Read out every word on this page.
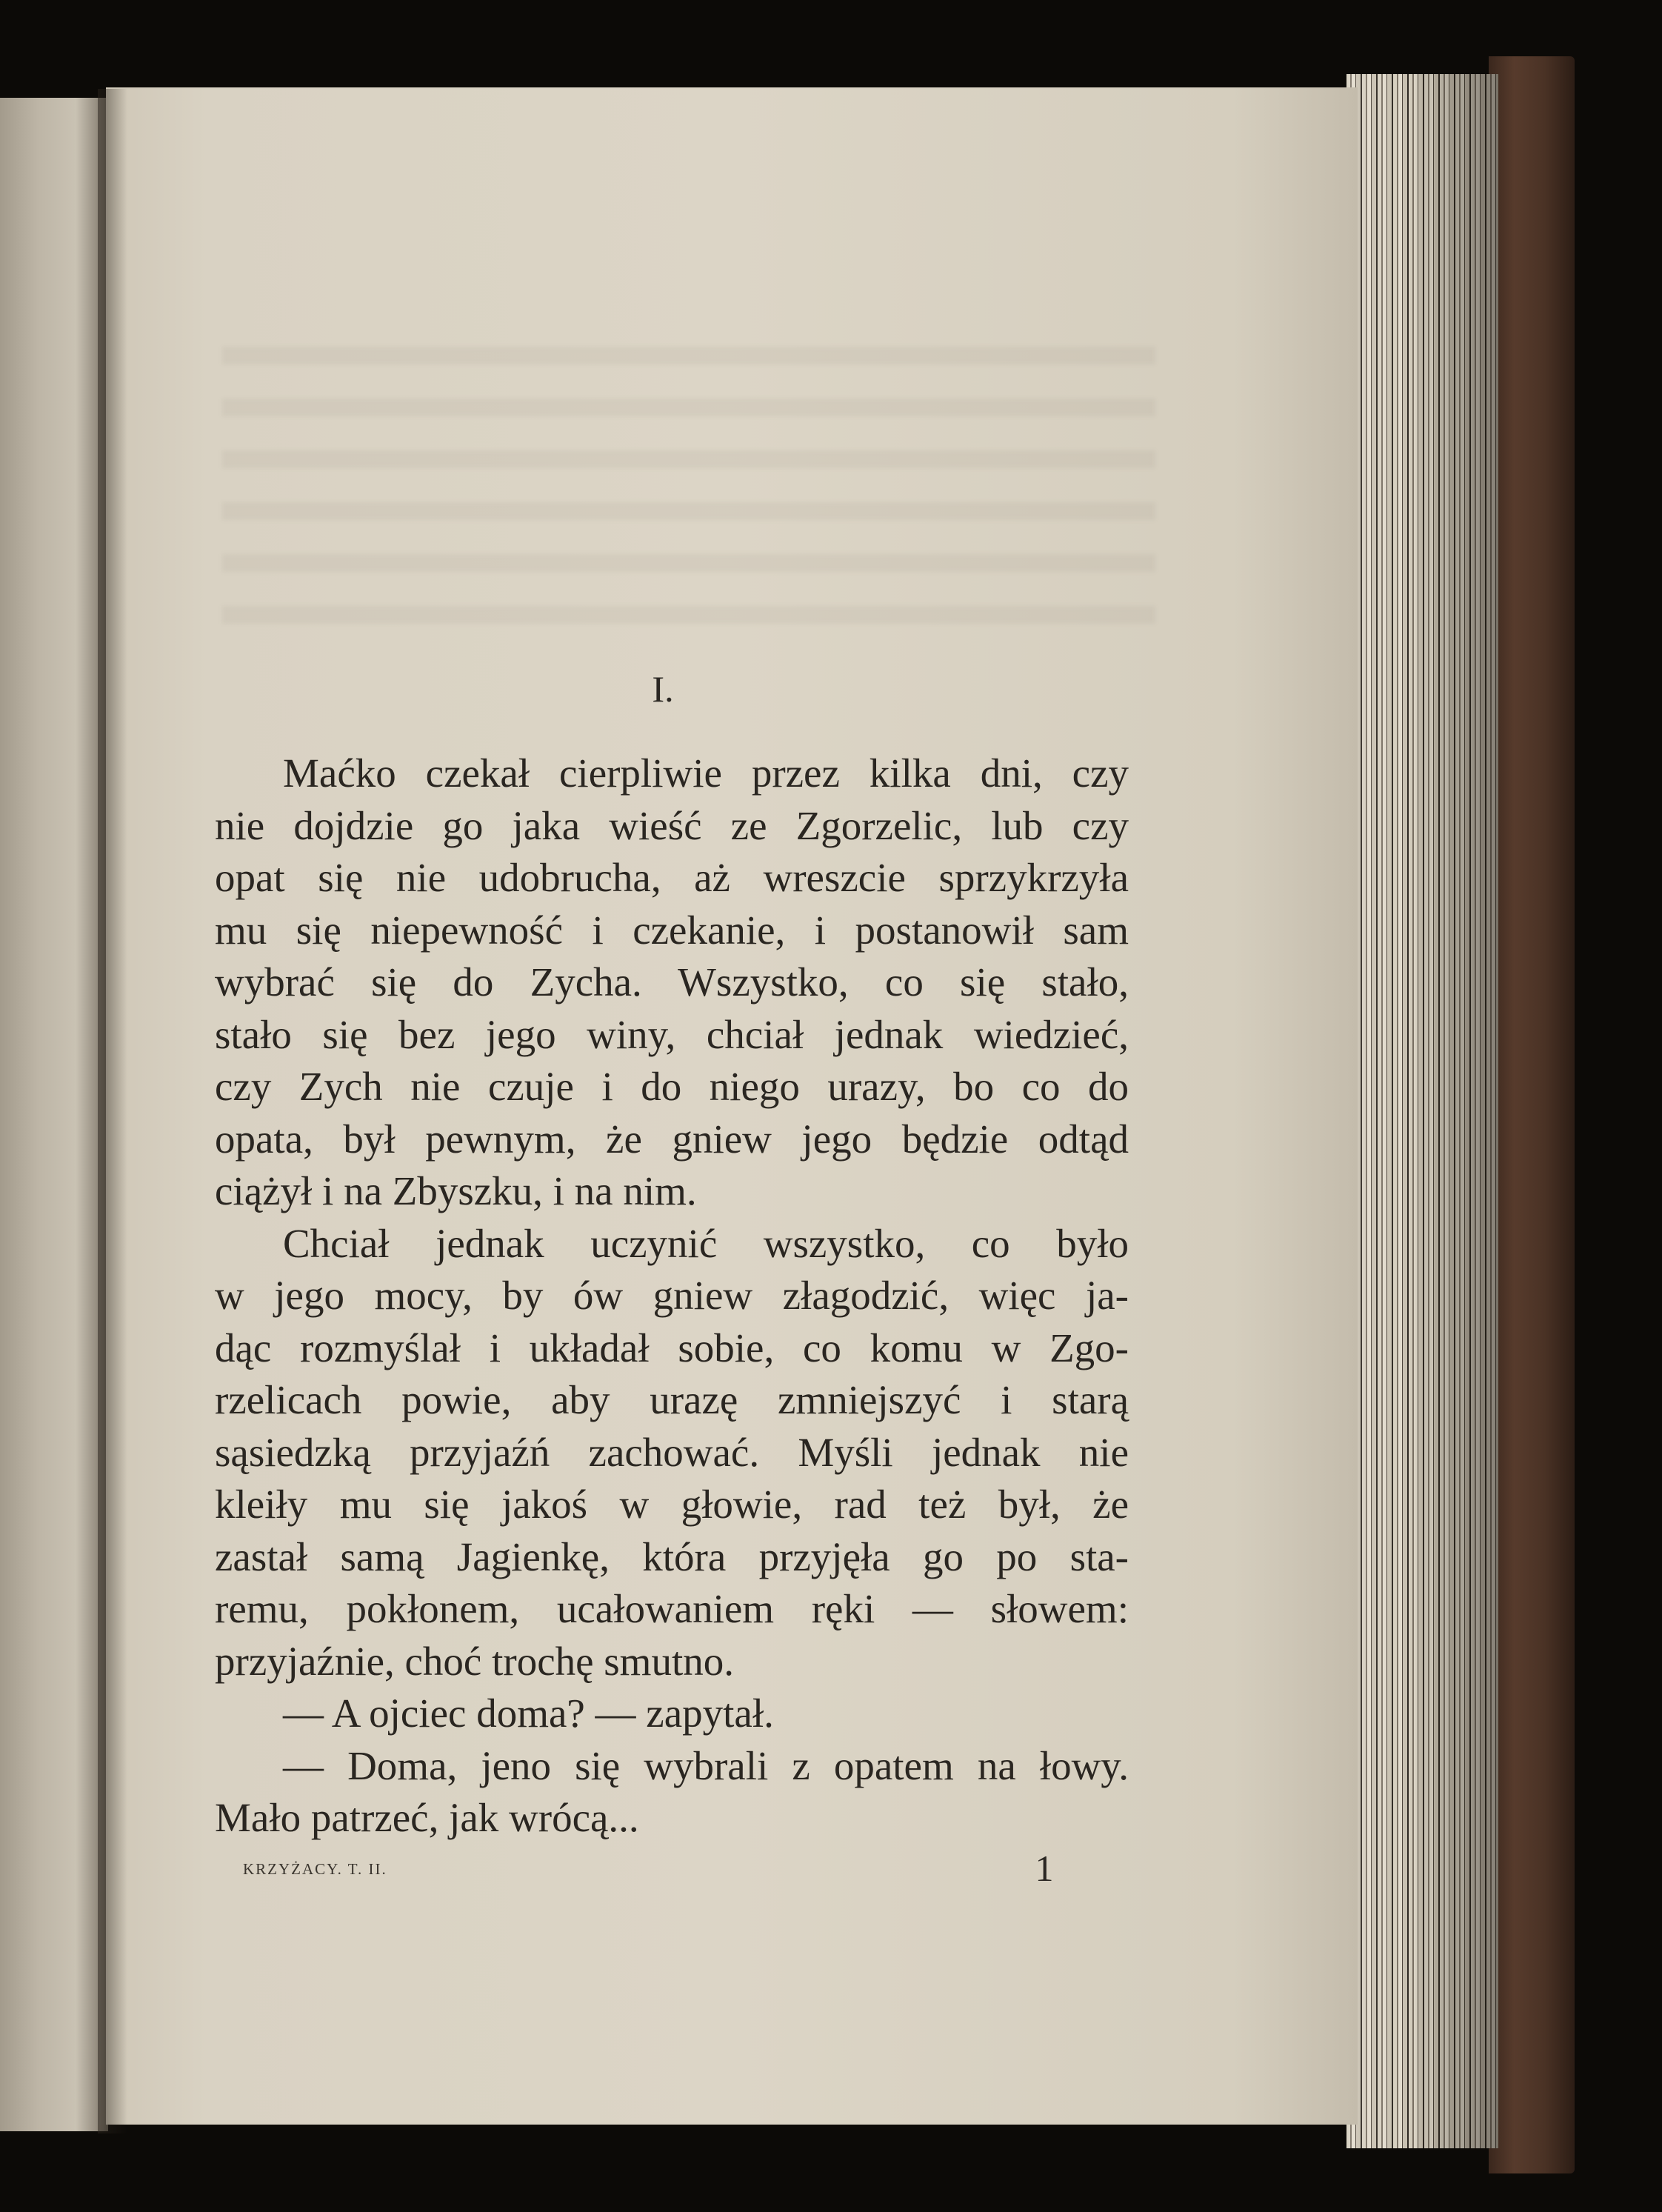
I.
Maćko czekał cierpliwie przez kilka dni, czy
nie dojdzie go jaka wieść ze Zgorzelic, lub czy
opat się nie udobrucha, aż wreszcie sprzykrzyła
mu się niepewność i czekanie, i postanowił sam
wybrać się do Zycha. Wszystko, co się stało,
stało się bez jego winy, chciał jednak wiedzieć,
czy Zych nie czuje i do niego urazy, bo co do
opata, był pewnym, że gniew jego będzie odtąd
ciążył i na Zbyszku, i na nim.
Chciał jednak uczynić wszystko, co było
w jego mocy, by ów gniew złagodzić, więc ja-
dąc rozmyślał i układał sobie, co komu w Zgo-
rzelicach powie, aby urazę zmniejszyć i starą
sąsiedzką przyjaźń zachować. Myśli jednak nie
kleiły mu się jakoś w głowie, rad też był, że
zastał samą Jagienkę, która przyjęła go po sta-
remu, pokłonem, ucałowaniem ręki — słowem:
przyjaźnie, choć trochę smutno.
— A ojciec doma? — zapytał.
— Doma, jeno się wybrali z opatem na łowy.
Mało patrzeć, jak wrócą...
KRZYŻACY. T. II.	1
